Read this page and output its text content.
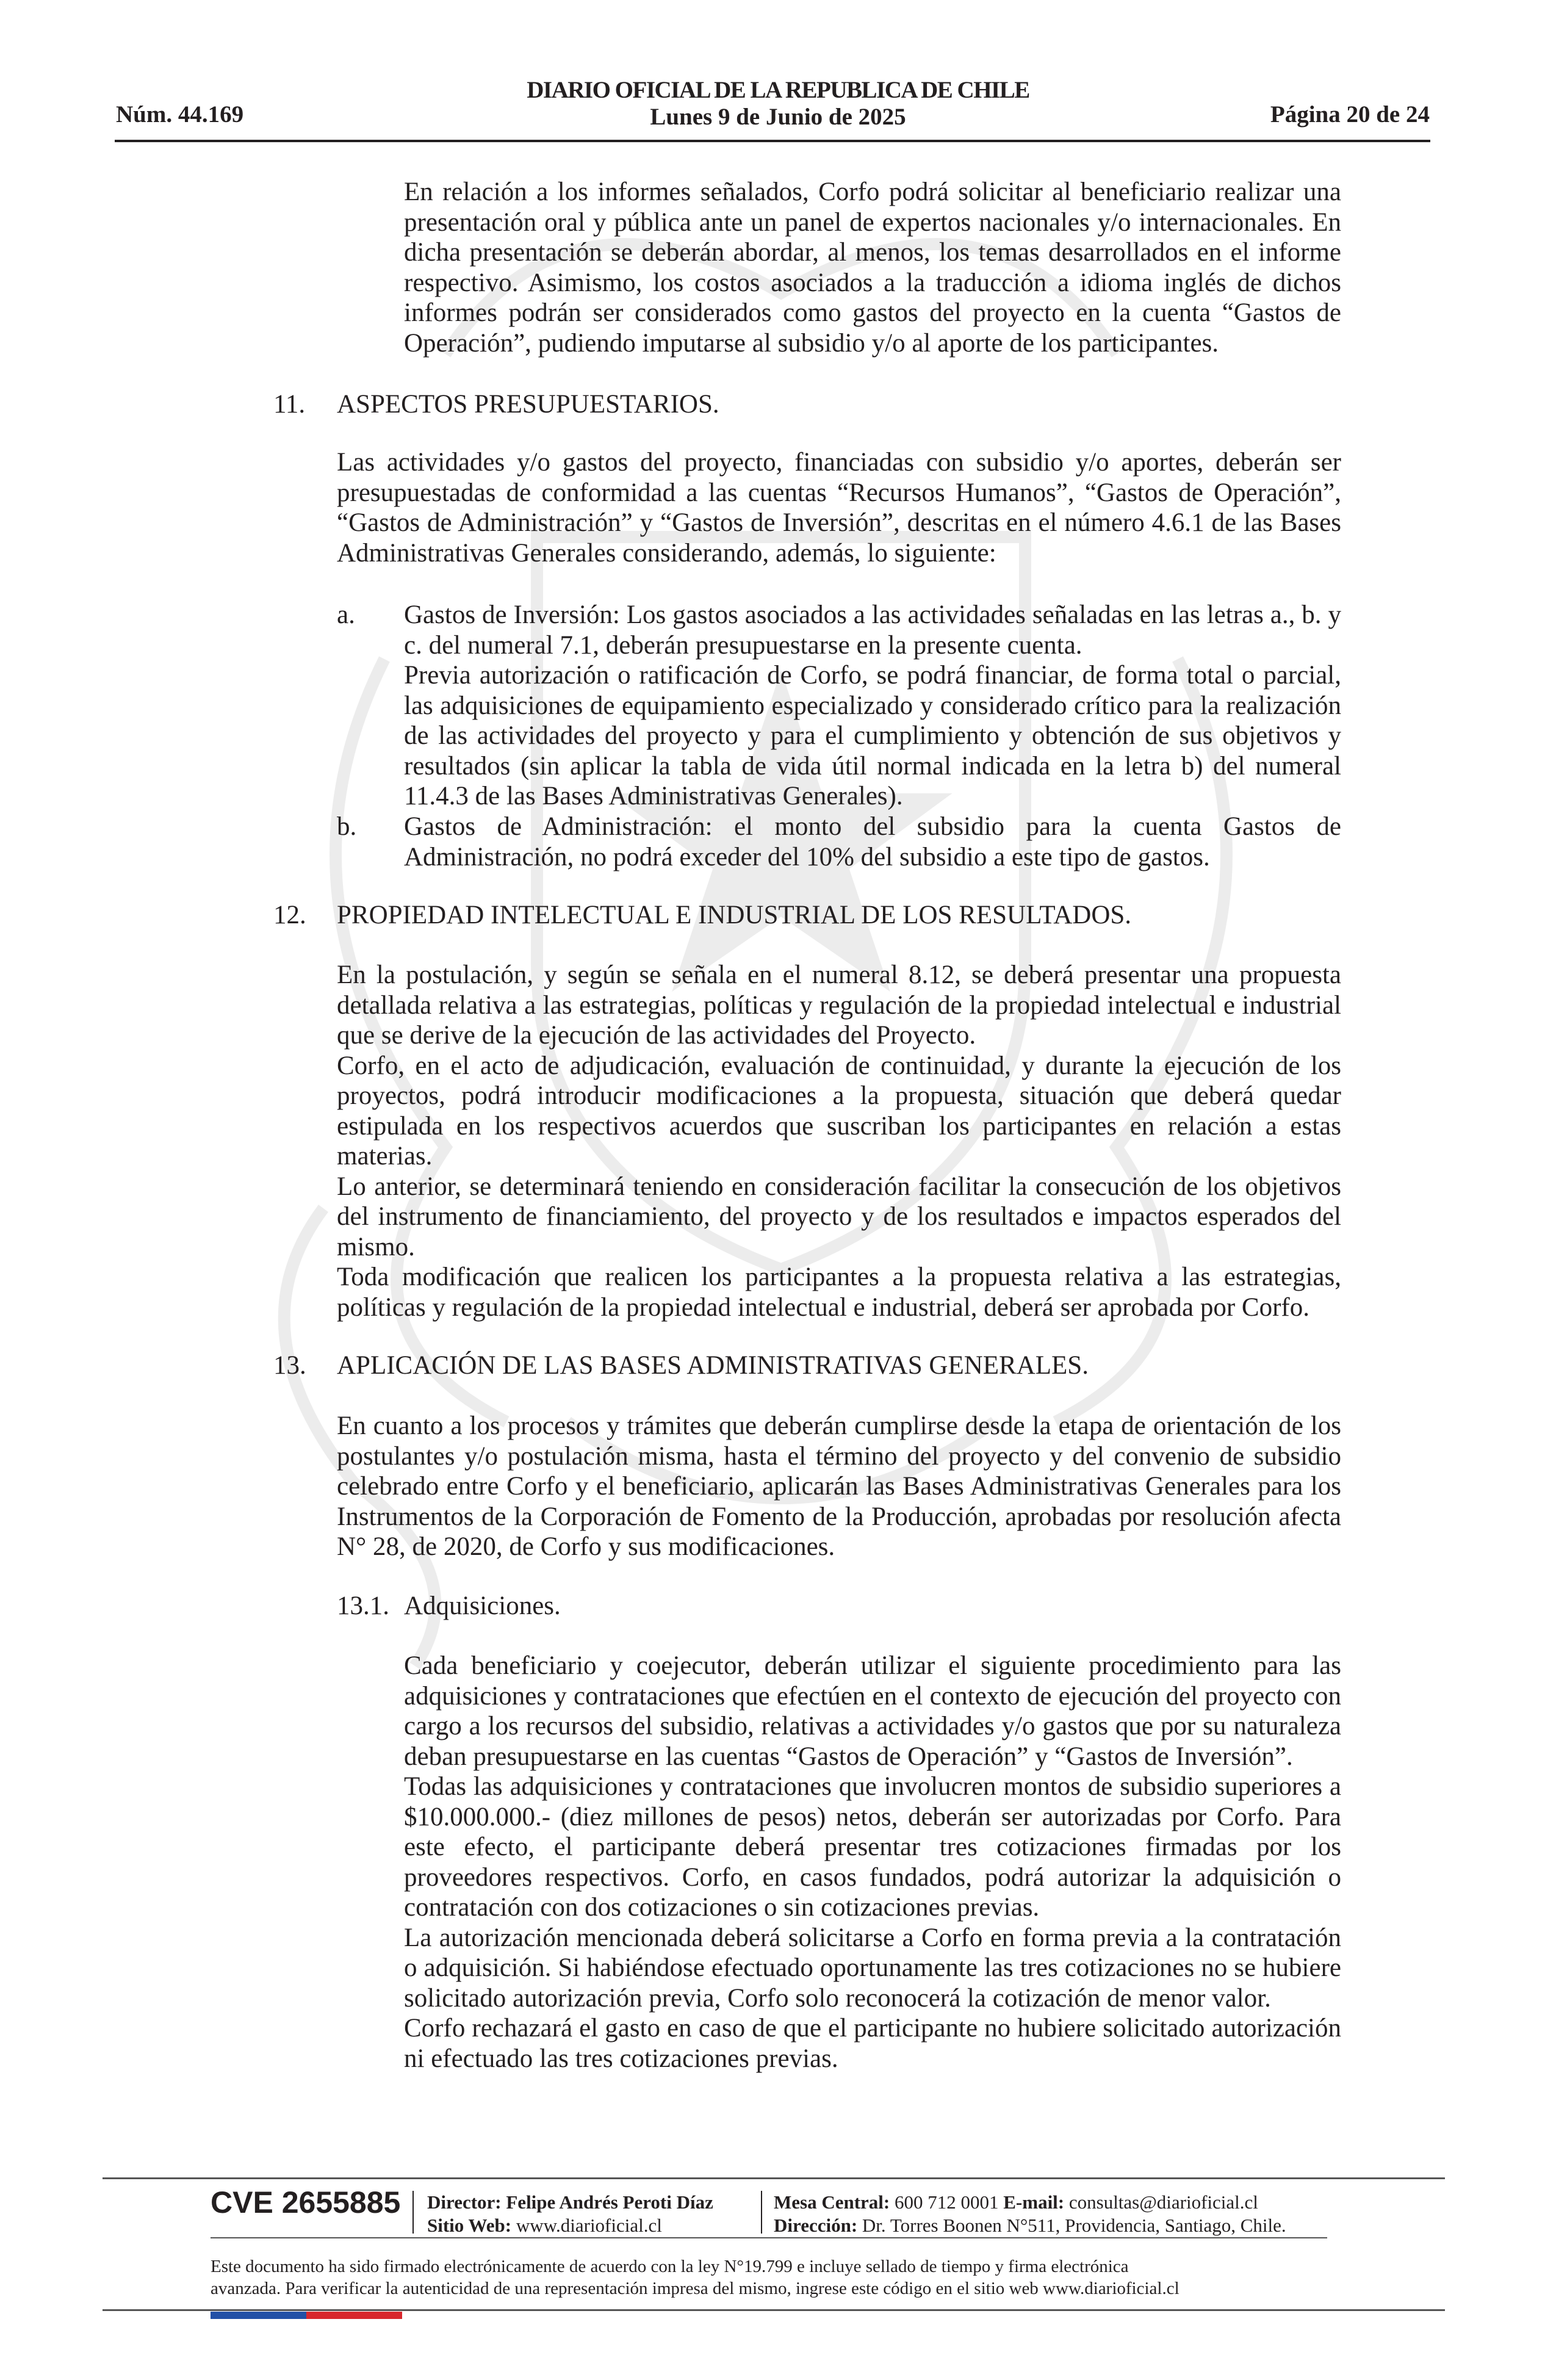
Núm. 44.169
DIARIO OFICIAL DE LA REPUBLICA DE CHILE
Lunes 9 de Junio de 2025	Página 20 de 24
En relación a los informes señalados, Corfo podrá solicitar al beneficiario realizar una presentación oral y pública ante un panel de expertos nacionales y/o internacionales. En dicha presentación se deberán abordar, al menos, los temas desarrollados en el informe respectivo. Asimismo, los costos asociados a la traducción a idioma inglés de dichos informes podrán ser considerados como gastos del proyecto en la cuenta “Gastos de Operación”, pudiendo imputarse al subsidio y/o al aporte de los participantes.
11. ASPECTOS PRESUPUESTARIOS.
Las actividades y/o gastos del proyecto, financiadas con subsidio y/o aportes, deberán ser presupuestadas de conformidad a las cuentas “Recursos Humanos”, “Gastos de Operación”, “Gastos de Administración” y “Gastos de Inversión”, descritas en el número 4.6.1 de las Bases Administrativas Generales considerando, además, lo siguiente:
a. Gastos de Inversión: Los gastos asociados a las actividades señaladas en las letras a., b. y c. del numeral 7.1, deberán presupuestarse en la presente cuenta.

Previa autorización o ratificación de Corfo, se podrá financiar, de forma total o parcial, las adquisiciones de equipamiento especializado y considerado crítico para la realización de las actividades del proyecto y para el cumplimiento y obtención de sus objetivos y resultados (sin aplicar la tabla de vida útil normal indicada en la letra b) del numeral 11.4.3 de las Bases Administrativas Generales).

b. Gastos de Administración: el monto del subsidio para la cuenta Gastos de Administración, no podrá exceder del 10% del subsidio a este tipo de gastos.

12. PROPIEDAD INTELECTUAL E INDUSTRIAL DE LOS RESULTADOS.

En la postulación, y según se señala en el numeral 8.12, se deberá presentar una propuesta detallada relativa a las estrategias, políticas y regulación de la propiedad intelectual e industrial que se derive de la ejecución de las actividades del Proyecto.

Corfo, en el acto de adjudicación, evaluación de continuidad, y durante la ejecución de los proyectos, podrá introducir modificaciones a la propuesta, situación que deberá quedar estipulada en los respectivos acuerdos que suscriban los participantes en relación a estas materias.

Lo anterior, se determinará teniendo en consideración facilitar la consecución de los objetivos del instrumento de financiamiento, del proyecto y de los resultados e impactos esperados del mismo.

Toda modificación que realicen los participantes a la propuesta relativa a las estrategias, políticas y regulación de la propiedad intelectual e industrial, deberá ser aprobada por Corfo.

13. APLICACIÓN DE LAS BASES ADMINISTRATIVAS GENERALES.
En cuanto a los procesos y trámites que deberán cumplirse desde la etapa de orientación de los postulantes y/o postulación misma, hasta el término del proyecto y del convenio de subsidio celebrado entre Corfo y el beneficiario, aplicarán las Bases Administrativas Generales para los Instrumentos de la Corporación de Fomento de la Producción, aprobadas por resolución afecta N° 28, de 2020, de Corfo y sus modificaciones.
13.1. Adquisiciones.

Cada beneficiario y coejecutor, deberán utilizar el siguiente procedimiento para las adquisiciones y contrataciones que efectúen en el contexto de ejecución del proyecto con cargo a los recursos del subsidio, relativas a actividades y/o gastos que por su naturaleza deban presupuestarse en las cuentas “Gastos de Operación” y “Gastos de Inversión”.

Todas las adquisiciones y contrataciones que involucren montos de subsidio superiores a $10.000.000.- (diez millones de pesos) netos, deberán ser autorizadas por Corfo. Para este efecto, el participante deberá presentar tres cotizaciones firmadas por los proveedores respectivos. Corfo, en casos fundados, podrá autorizar la adquisición o contratación con dos cotizaciones o sin cotizaciones previas.

La autorización mencionada deberá solicitarse a Corfo en forma previa a la contratación o adquisición. Si habiéndose efectuado oportunamente las tres cotizaciones no se hubiere solicitado autorización previa, Corfo solo reconocerá la cotización de menor valor.

Corfo rechazará el gasto en caso de que el participante no hubiere solicitado autorización ni efectuado las tres cotizaciones previas.

CVE 2655885 Director: Felipe Andrés Peroti Díaz
Sitio Web: www.diarioficial.cl
Mesa Central: 600 712 0001 E-mail: consultas@diarioficial.cl
Dirección: Dr. Torres Boonen N°511, Providencia, Santiago, Chile.
Este documento ha sido firmado electrónicamente de acuerdo con la ley N°19.799 e incluye sellado de tiempo y firma electrónica
avanzada. Para verificar la autenticidad de una representación impresa del mismo, ingrese este código en el sitio web www.diarioficial.cl
